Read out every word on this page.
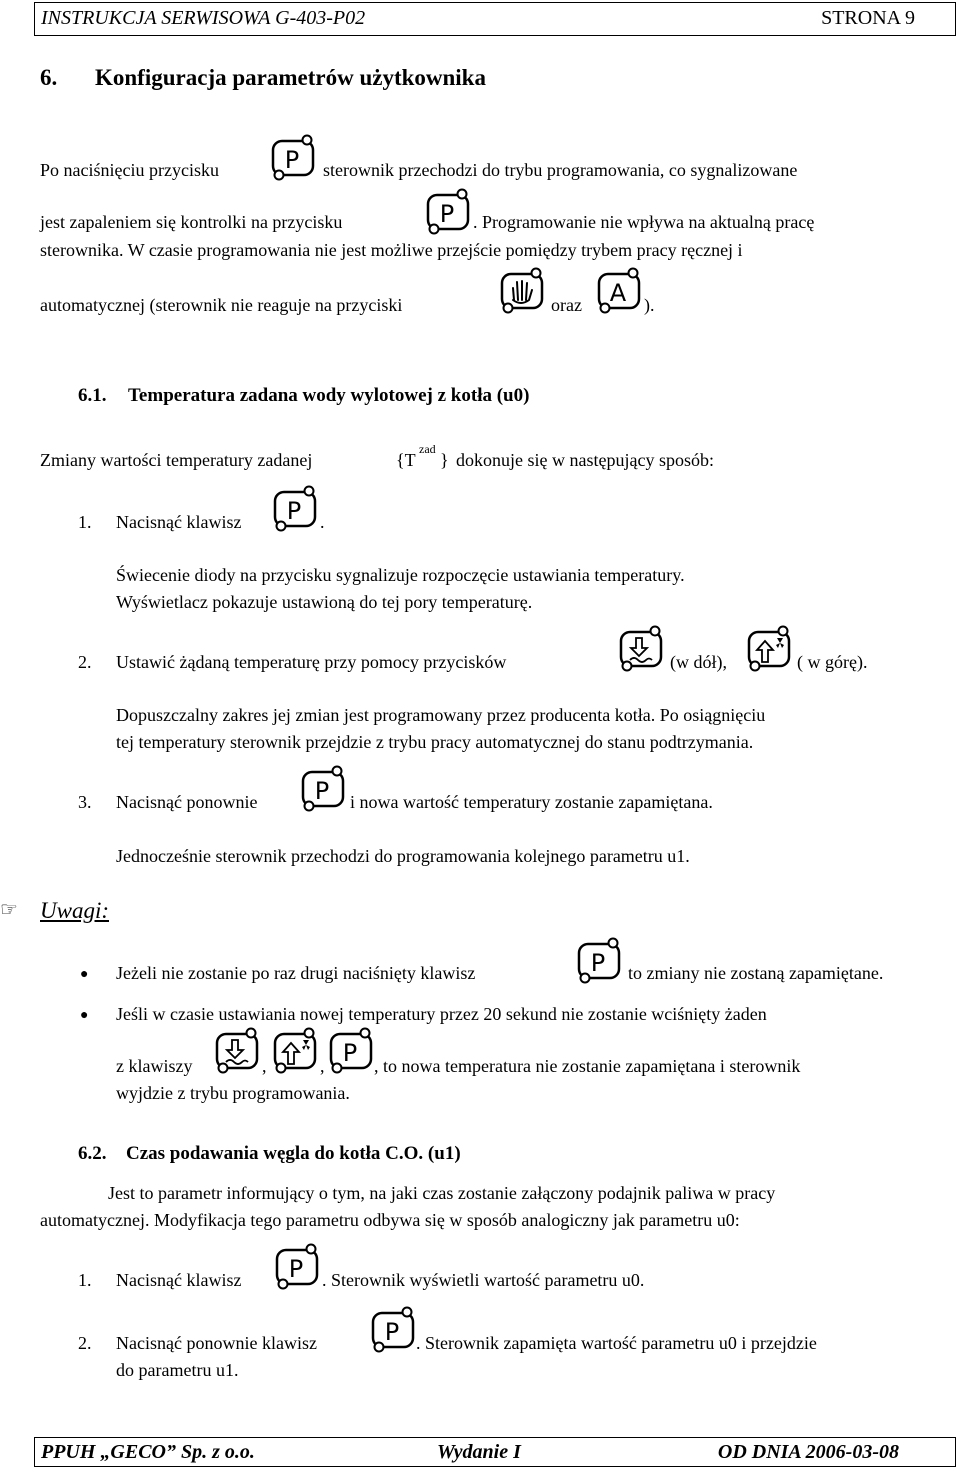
INSTRUKCJA SERWISOWA G-403-P02	STRONA 9
6. Konfiguracja parametrów użytkownika
Po naciśnięciu przycisku	P sterownik przechodzi do trybu programowania, co sygnalizowane
jest zapaleniem się kontrolki na przycisku	P . Programowanie nie wpływa na aktualną pracę
sterownika. W czasie programowania nie jest możliwe przejście pomiędzy trybem pracy ręcznej i
automatycznej (sterownik nie reaguje na przyciski	oraz A ).
6.1. Temperatura zadana wody wylotowej z kotła (u0)
Zmiany wartości temperatury zadanej	{T
zad
} dokonuje się w następujący sposób:
1. Nacisnąć klawisz P .
Świecenie diody na przycisku sygnalizuje rozpoczęcie ustawiania temperatury.
Wyświetlacz pokazuje ustawioną do tej pory temperaturę.
2. Ustawić żądaną temperaturę przy pomocy przycisków	(w dół),	( w górę).
Dopuszczalny zakres jej zmian jest programowany przez producenta kotła. Po osiągnięciu
tej temperatury sterownik przejdzie z trybu pracy automatycznej do stanu podtrzymania.
3. Nacisnąć ponownie P i nowa wartość temperatury zostanie zapamiętana.
Jednocześnie sterownik przechodzi do programowania kolejnego parametru u1.
☞ Uwagi:
● Jeżeli nie zostanie po raz drugi naciśnięty klawisz	P to zmiany nie zostaną zapamiętane.
● Jeśli w czasie ustawiania nowej temperatury przez 20 sekund nie zostanie wciśnięty żaden
z klawiszy	,	, P , to nowa temperatura nie zostanie zapamiętana i sterownik
wyjdzie z trybu programowania.
6.2. Czas podawania węgla do kotła C.O. (u1)
Jest to parametr informujący o tym, na jaki czas zostanie załączony podajnik paliwa w pracy
automatycznej. Modyfikacja tego parametru odbywa się w sposób analogiczny jak parametru u0:
1. Nacisnąć klawisz P . Sterownik wyświetli wartość parametru u0.
2. Nacisnąć ponownie klawisz	P . Sterownik zapamięta wartość parametru u0 i przejdzie
do parametru u1.
PPUH „GECO” Sp. z o.o.	Wydanie I	OD DNIA 2006-03-08
